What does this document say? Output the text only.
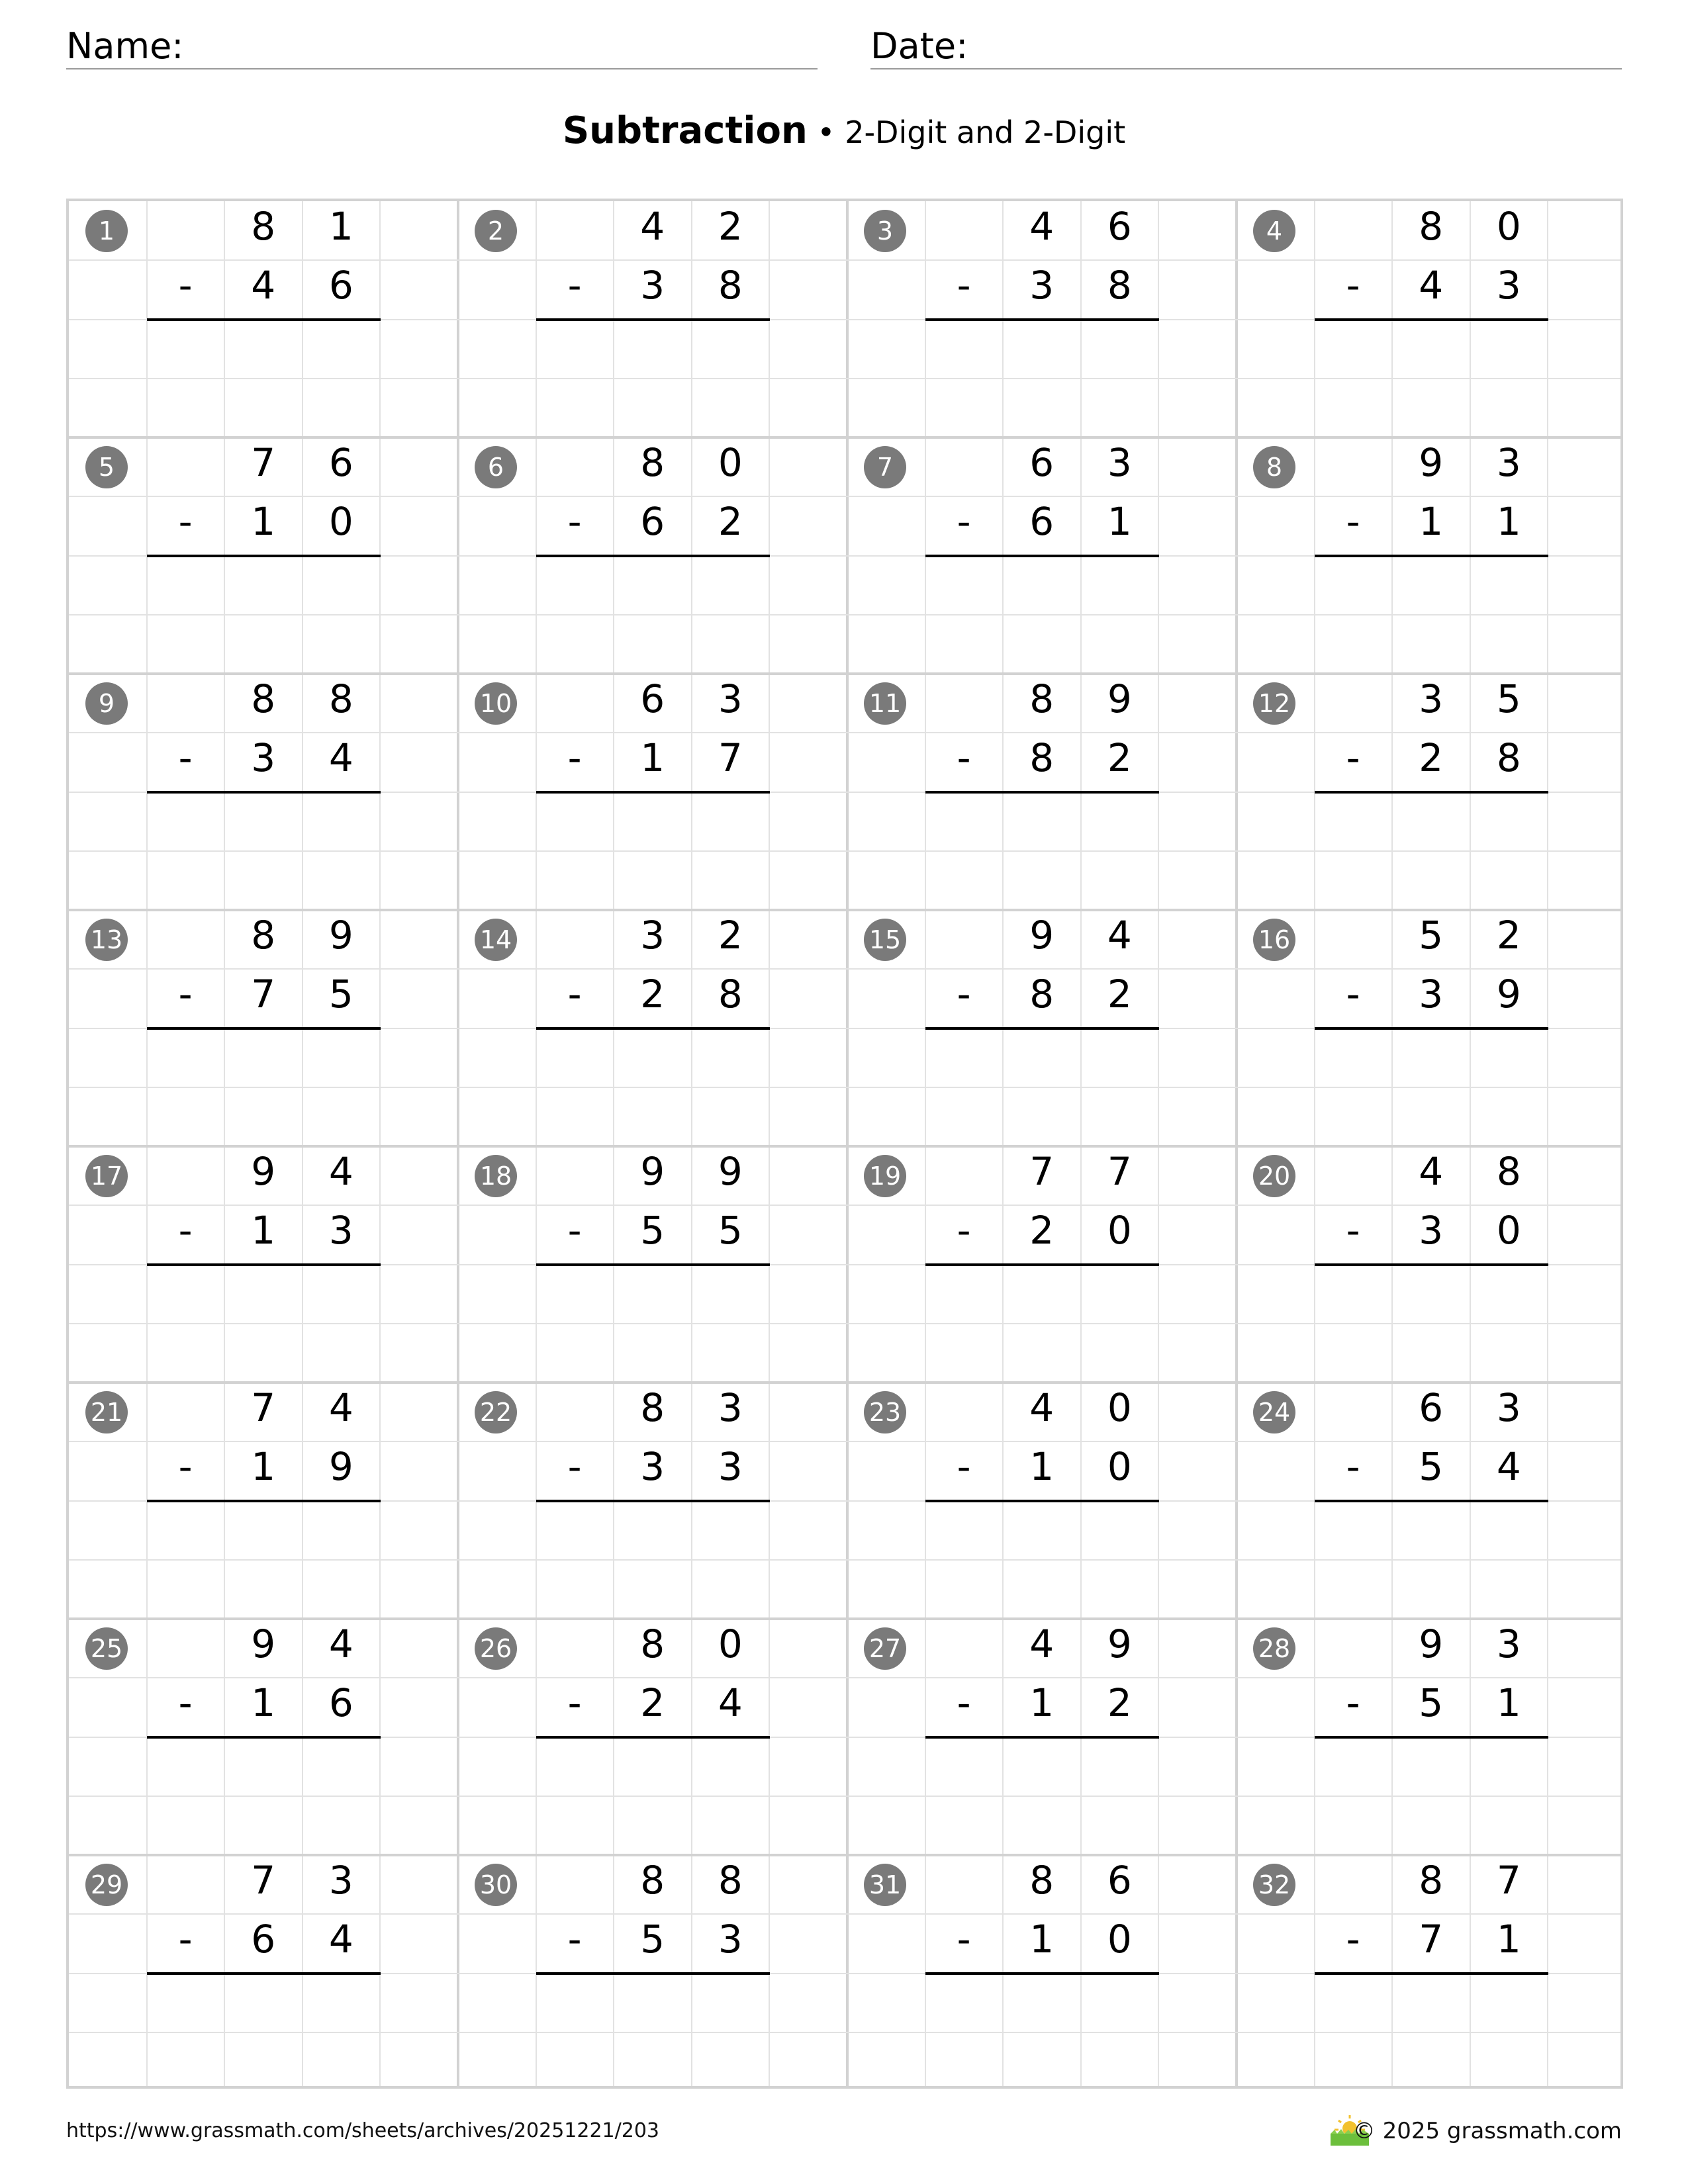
Name:	Date:
Subtraction • 2-Digit and 2-Digit
1	8	1
-	4	6
2	4	2
-	3	8
3	4	6
-	3	8
4	8	0
-	4	3
5	7	6
-	1	0
6	8	0
-	6	2
7	6	3
-	6	1
8	9	3
-	1	1
9	8	8
-	3	4
10	6	3
-	1	7
11	8	9
-	8	2
12	3	5
-	2	8
13	8	9
-	7	5
14	3	2
-	2	8
15	9	4
-	8	2
16	5	2
-	3	9
17	9	4
-	1	3
18	9	9
-	5	5
19	7	7
-	2	0
20	4	8
-	3	0
21	7	4
-	1	9
22	8	3
-	3	3
23	4	0
-	1	0
24	6	3
-	5	4
25	9	4
-	1	6
26	8	0
-	2	4
27	4	9
-	1	2
28	9	3
-	5	1
29	7	3
-	6	4
30	8	8
-	5	3
31	8	6
-	1	0
32	8	7
-	7	1
https://www.grassmath.com/sheets/archives/20251221/203	© 2025 grassmath.com
